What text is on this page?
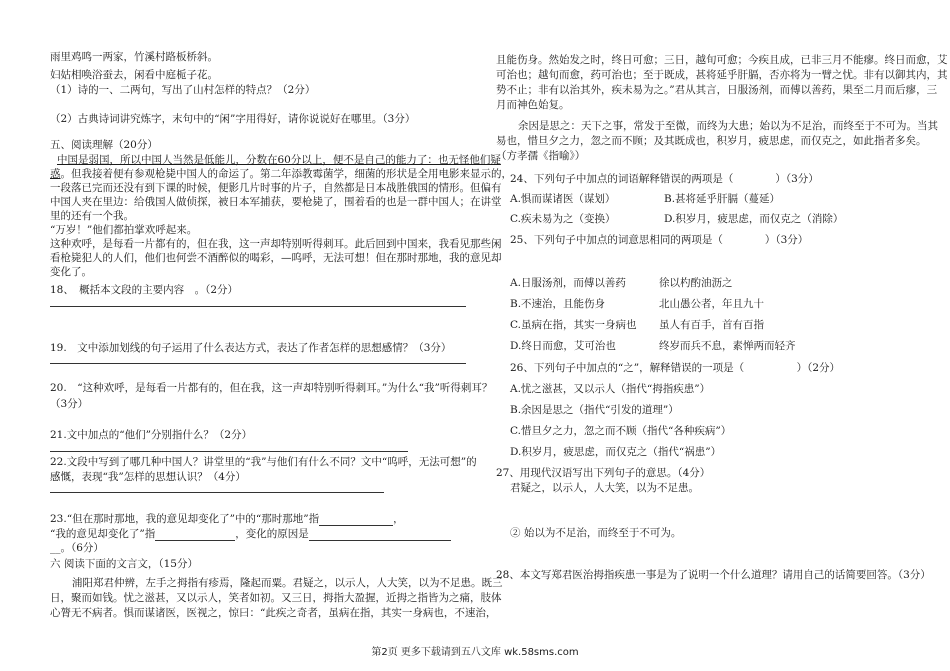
雨里鸡鸣一两家，竹溪村路板桥斜。
妇姑相唤浴蚕去，闲看中庭栀子花。
（1）诗的一、二两句，写出了山村怎样的特点？（2分）
（2）古典诗词讲究炼字，末句中的“闲”字用得好，请你说说好在哪里。（3分）
五、阅读理解（20分）
中国是弱国，所以中国人当然是低能儿，分数在60分以上，便不是自己的能力了：也无怪他们疑
惑。但我接着便有参观枪毙中国人的命运了。第二年添教霉菌学，细菌的形状是全用电影来显示的，
一段落已完而还没有到下课的时候，便影几片时事的片子，自然都是日本战胜俄国的情形。但偏有
中国人夹在里边：给俄国人做侦探，被日本军捕获，要枪毙了，围着看的也是一群中国人；在讲堂
里的还有一个我。
“万岁！”他们都拍掌欢呼起来。
这种欢呼，是每看一片都有的，但在我，这一声却特别听得刺耳。此后回到中国来，我看见那些闲
看枪毙犯人的人们，他们也何尝不酒醉似的喝彩，—呜呼，无法可想！但在那时那地，我的意见却
变化了。
18、　概括本文段的主要内容　。（2分）
19.　文中添加划线的句子运用了什么表达方式，表达了作者怎样的思想感情？（3分）
20.　“这种欢呼，是每看一片都有的，但在我，这一声却特别听得刺耳。”为什么“我”听得刺耳？
（3分）
21.文中加点的“他们”分别指什么？（2分）
22.文段中写到了哪几种中国人？讲堂里的“我”与他们有什么不同？文中“呜呼，无法可想”的
感慨，表现“我”怎样的思想认识？（4分）
23.“但在那时那地，我的意见却变化了”中的“那时那地”指	，
“我的意见却变化了”指	，变化的原因是
__。（6分）
六 阅读下面的文言文，（15分）
浦阳郑君仲辨，左手之拇指有疹焉，隆起而粟。君疑之，以示人，人大笑，以为不足患。既三
日，聚而如钱。忧之滋甚，又以示人，笑者如初。又三日，拇指大盈握，近拇之指皆为之痛，肢体
心膂无不病者。惧而谋诸医，医视之，惊曰：“此疾之奇者，虽病在指，其实一身病也，不速治，
且能伤身。然始发之时，终日可愈；三日，越旬可愈；今疾且成，已非三月不能瘳。终日而愈，艾
可治也；越旬而愈，药可治也；至于既成，甚将延乎肝膈，否亦将为一臂之忧。非有以御其内，其
势不止；非有以治其外，疾未易为之。”君从其言，日服汤剂，而傅以善药，果至二月而后瘳，三
月而神色始复。
余因是思之：天下之事，常发于至微，而终为大患；始以为不足治，而终至于不可为。当其
易也，惜旦夕之力，忽之而不顾；及其既成也，积岁月，疲思虑，而仅克之，如此指者多矣。
（方孝孺《指喻》）
24、下列句子中加点的词语解释错误的两项是（　　　　）（3分）
A.惧而谋诸医（谋划）	B.甚将延乎肝膈（蔓延）
C.疾未易为之（变换）	D.积岁月，疲思虑，而仅克之（消除）
25、下列句子中加点的词意思相同的两项是（　　　　）（3分）
A.日服汤剂，而傅以善药	徐以杓酌油沥之
B.不速治，且能伤身	北山愚公者，年且九十
C.虽病在指，其实一身病也 虽人有百手，首有百指
D.终日而愈，艾可治也	终岁而兵不息，素惮两而轻齐
26、下列句子中加点的“之”，解释错误的一项是（　　　　　）（2分）
A.忧之滋甚，又以示人（指代“拇指疾患”）
B.余因是思之（指代“引发的道理”）
C.惜旦夕之力，忽之而不顾（指代“各种疾病”）
D.积岁月，疲思虑，而仅克之（指代“祸患”）
27、用现代汉语写出下列句子的意思。（4分）
君疑之，以示人，人大笑，以为不足患。
② 始以为不足治，而终至于不可为。
28、本文写郑君医治拇指疾患一事是为了说明一个什么道理？请用自己的话简要回答。（3分）
第2页 更多下载请到五八文库 wk.58sms.com
